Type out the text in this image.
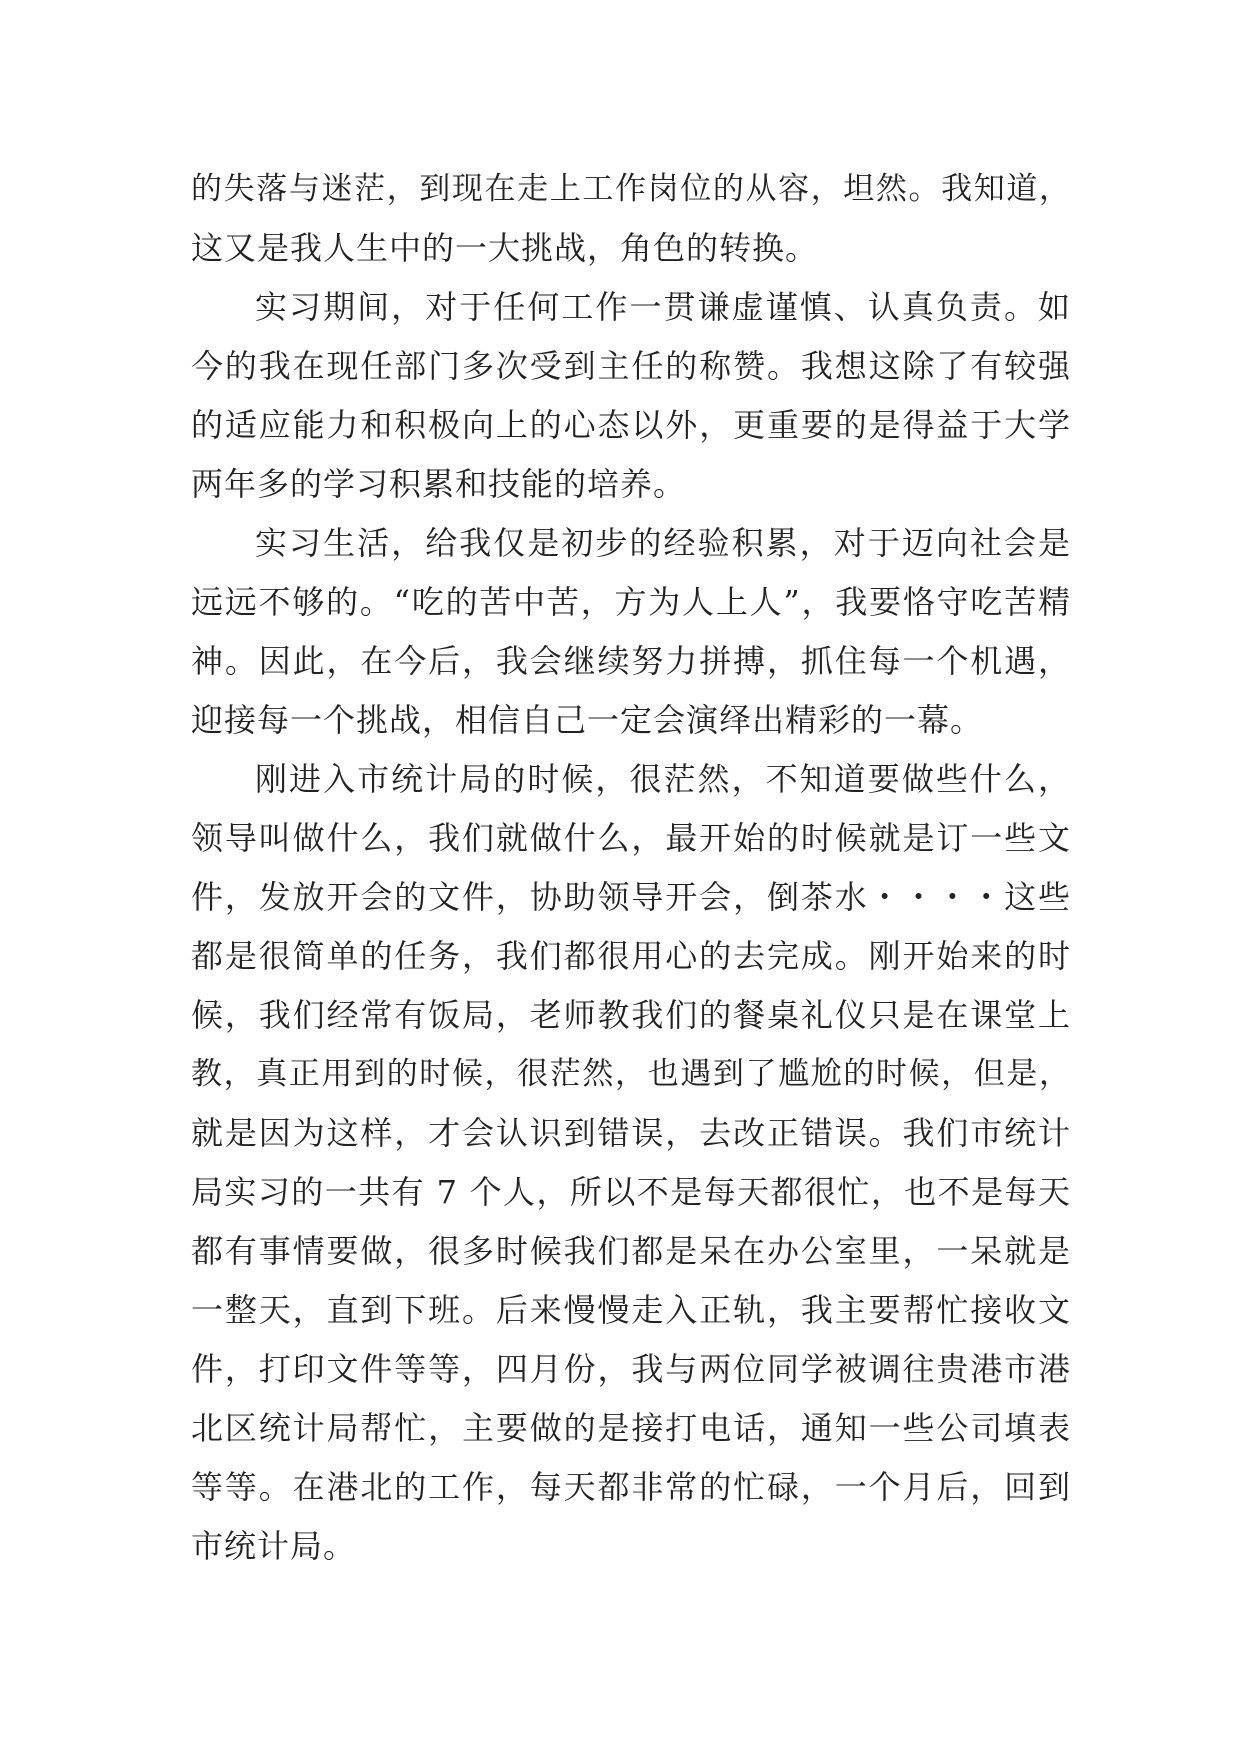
的失落与迷茫，到现在走上工作岗位的从容，坦然。我知道，
这又是我人生中的一大挑战，角色的转换。
实习期间，对于任何工作一贯谦虚谨慎、认真负责。如
今的我在现任部门多次受到主任的称赞。我想这除了有较强
的适应能力和积极向上的心态以外，更重要的是得益于大学
两年多的学习积累和技能的培养。
实习生活，给我仅是初步的经验积累，对于迈向社会是
远远不够的。“吃的苦中苦，方为人上人”，我要恪守吃苦精
神。因此，在今后，我会继续努力拼搏，抓住每一个机遇，
迎接每一个挑战，相信自己一定会演绎出精彩的一幕。
刚进入市统计局的时候，很茫然，不知道要做些什么，
领导叫做什么，我们就做什么，最开始的时候就是订一些文
件，发放开会的文件，协助领导开会，倒茶水・・・・这些
都是很简单的任务，我们都很用心的去完成。刚开始来的时
候，我们经常有饭局，老师教我们的餐桌礼仪只是在课堂上
教，真正用到的时候，很茫然，也遇到了尴尬的时候，但是，
就是因为这样，才会认识到错误，去改正错误。我们市统计
局实习的一共有 7 个人，所以不是每天都很忙，也不是每天
都有事情要做，很多时候我们都是呆在办公室里，一呆就是
一整天，直到下班。后来慢慢走入正轨，我主要帮忙接收文
件，打印文件等等，四月份，我与两位同学被调往贵港市港
北区统计局帮忙，主要做的是接打电话，通知一些公司填表
等等。在港北的工作，每天都非常的忙碌，一个月后，回到
市统计局。
